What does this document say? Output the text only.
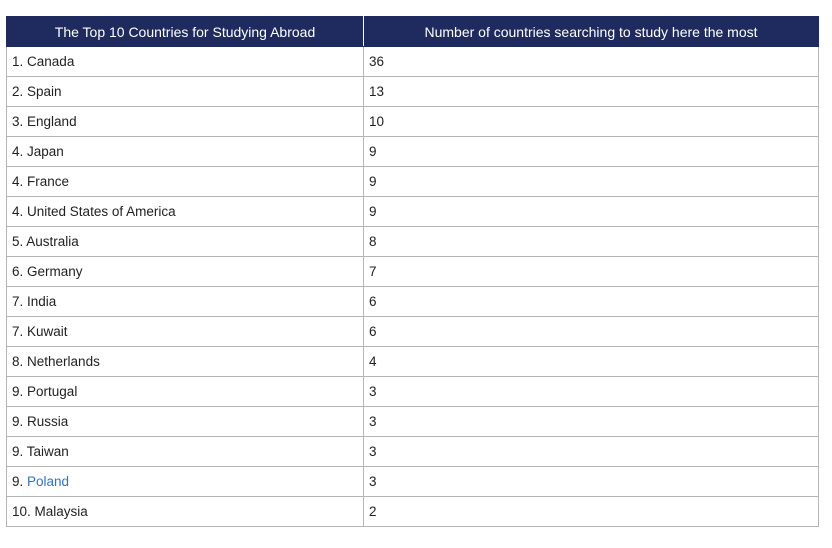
The Top 10 Countries for Studying Abroad	Number of countries searching to study here the most
1. Canada	36
2. Spain	13
3. England	10
4. Japan	9
4. France	9
4. United States of America	9
5. Australia	8
6. Germany	7
7. India	6
7. Kuwait	6
8. Netherlands	4
9. Portugal	3
9. Russia	3
9. Taiwan	3
9. Poland	3
10. Malaysia	2
